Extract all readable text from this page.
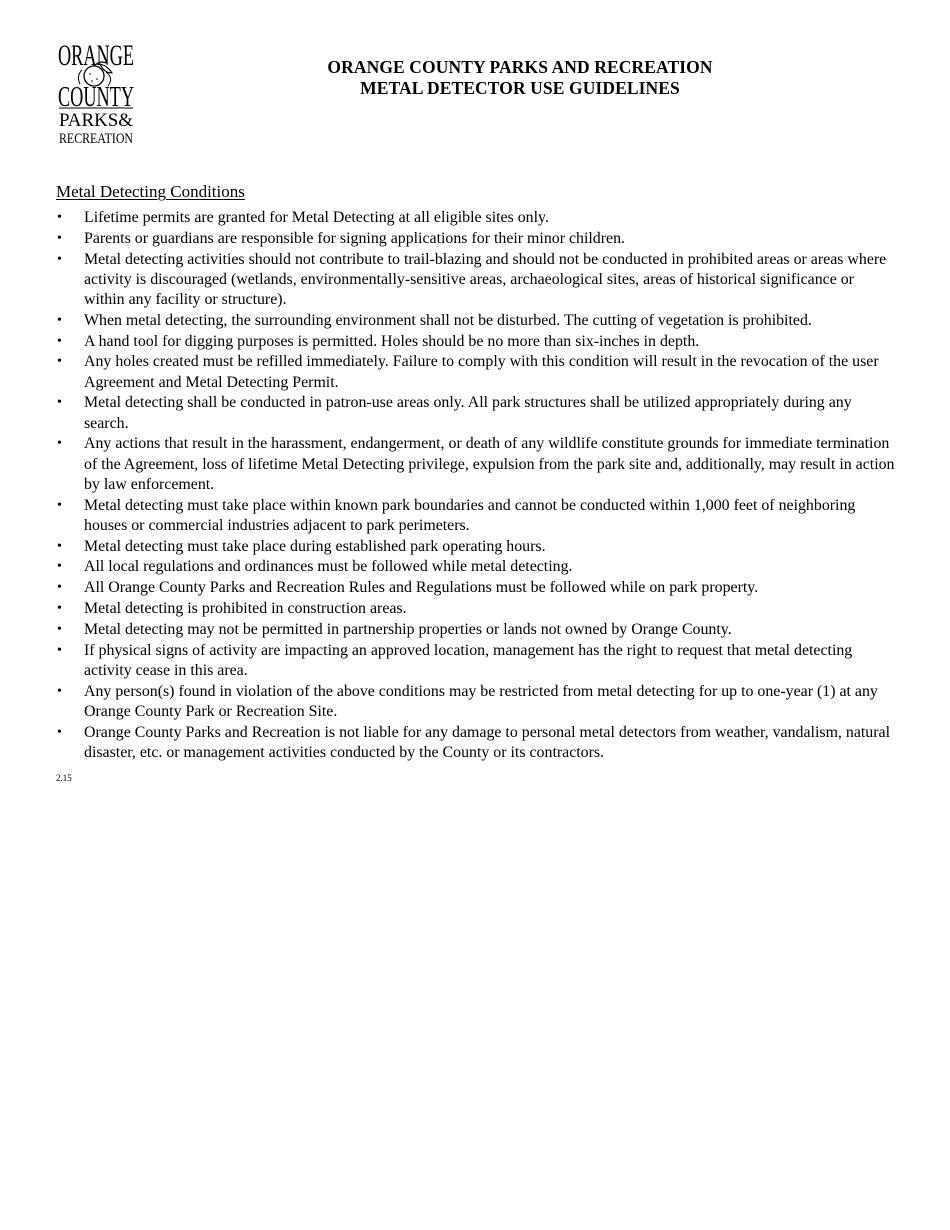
ORANGE
COUNTY
PARKS&
RECREATION
ORANGE COUNTY PARKS AND RECREATION
METAL DETECTOR USE GUIDELINES
Metal Detecting Conditions
•	Lifetime permits are granted for Metal Detecting at all eligible sites only.
•	Parents or guardians are responsible for signing applications for their minor children.
•	Metal detecting activities should not contribute to trail-blazing and should not be conducted in prohibited areas or areas where activity is discouraged (wetlands, environmentally-sensitive areas, archaeological sites, areas of historical significance or within any facility or structure).
•	When metal detecting, the surrounding environment shall not be disturbed. The cutting of vegetation is prohibited.
•	A hand tool for digging purposes is permitted. Holes should be no more than six-inches in depth.
•	Any holes created must be refilled immediately. Failure to comply with this condition will result in the revocation of the user Agreement and Metal Detecting Permit.
•	Metal detecting shall be conducted in patron-use areas only. All park structures shall be utilized appropriately during any search.
•	Any actions that result in the harassment, endangerment, or death of any wildlife constitute grounds for immediate termination of the Agreement, loss of lifetime Metal Detecting privilege, expulsion from the park site and, additionally, may result in action by law enforcement.
•	Metal detecting must take place within known park boundaries and cannot be conducted within 1,000 feet of neighboring houses or commercial industries adjacent to park perimeters.
•	Metal detecting must take place during established park operating hours.
•	All local regulations and ordinances must be followed while metal detecting.
•	All Orange County Parks and Recreation Rules and Regulations must be followed while on park property.
•	Metal detecting is prohibited in construction areas.
•	Metal detecting may not be permitted in partnership properties or lands not owned by Orange County.
•	If physical signs of activity are impacting an approved location, management has the right to request that metal detecting activity cease in this area.
•	Any person(s) found in violation of the above conditions may be restricted from metal detecting for up to one-year (1) at any Orange County Park or Recreation Site.
•	Orange County Parks and Recreation is not liable for any damage to personal metal detectors from weather, vandalism, natural disaster, etc. or management activities conducted by the County or its contractors.
2.15
